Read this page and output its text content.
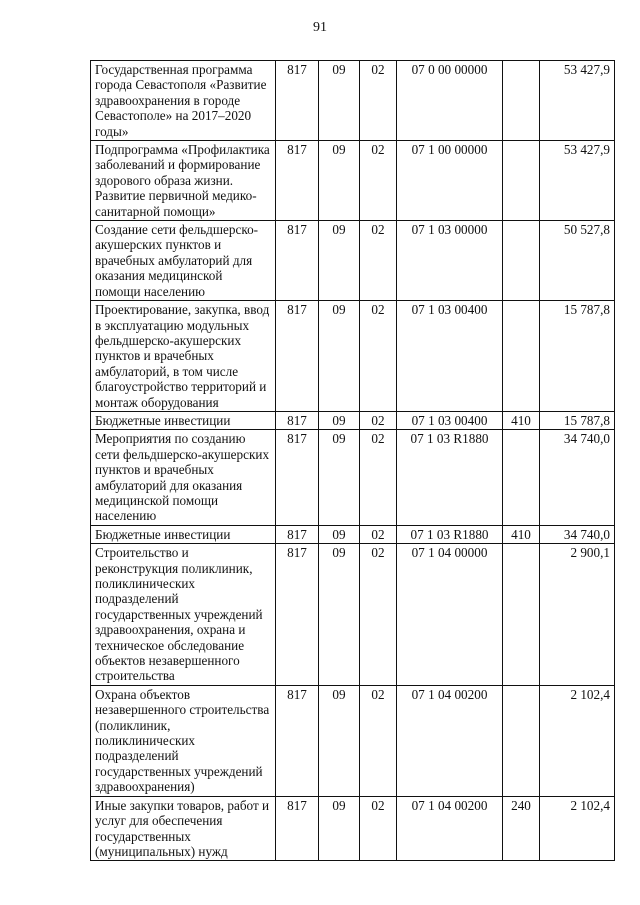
91
Государственная программа города Севастополя «Развитие здравоохранения в городе Севастополе» на 2017–2020 годы»	817	09	02	07 0 00 00000		53 427,9
Подпрограмма «Профилактика заболеваний и формирование здорового образа жизни. Развитие первичной медико-санитарной помощи»	817	09	02	07 1 00 00000		53 427,9
Создание сети фельдшерско-акушерских пунктов и врачебных амбулаторий для оказания медицинской помощи населению	817	09	02	07 1 03 00000		50 527,8
Проектирование, закупка, ввод в эксплуатацию модульных фельдшерско-акушерских пунктов и врачебных амбулаторий, в том числе благоустройство территорий и монтаж оборудования	817	09	02	07 1 03 00400		15 787,8
Бюджетные инвестиции	817	09	02	07 1 03 00400	410	15 787,8
Мероприятия по созданию сети фельдшерско-акушерских пунктов и врачебных амбулаторий для оказания медицинской помощи населению	817	09	02	07 1 03 R1880		34 740,0
Бюджетные инвестиции	817	09	02	07 1 03 R1880	410	34 740,0
Строительство и реконструкция поликлиник, поликлинических подразделений государственных учреждений здравоохранения, охрана и техническое обследование объектов незавершенного строительства	817	09	02	07 1 04 00000		2 900,1
Охрана объектов незавершенного строительства (поликлиник, поликлинических подразделений государственных учреждений здравоохранения)	817	09	02	07 1 04 00200		2 102,4
Иные закупки товаров, работ и услуг для обеспечения государственных (муниципальных) нужд	817	09	02	07 1 04 00200	240	2 102,4
